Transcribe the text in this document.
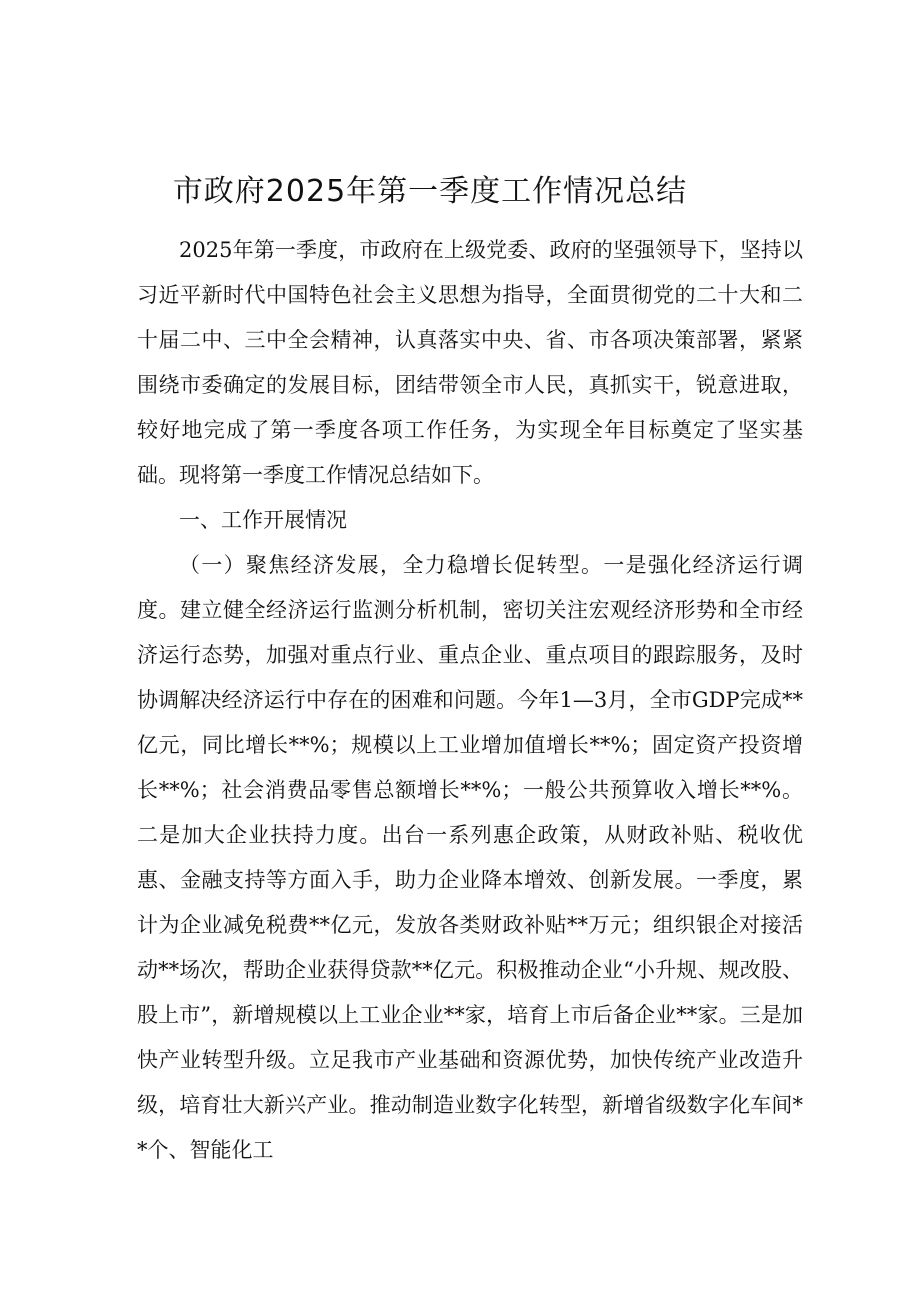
市政府2025年第一季度工作情况总结

2025年第一季度，市政府在上级党委、政府的坚强领导下，坚持以习近平新时代中国特色社会主义思想为指导，全面贯彻党的二十大和二十届二中、三中全会精神，认真落实中央、省、市各项决策部署，紧紧围绕市委确定的发展目标，团结带领全市人民，真抓实干，锐意进取，较好地完成了第一季度各项工作任务，为实现全年目标奠定了坚实基础。现将第一季度工作情况总结如下。

一、工作开展情况

（一）聚焦经济发展，全力稳增长促转型。一是强化经济运行调度。建立健全经济运行监测分析机制，密切关注宏观经济形势和全市经济运行态势，加强对重点行业、重点企业、重点项目的跟踪服务，及时协调解决经济运行中存在的困难和问题。今年1—3月，全市GDP完成**亿元，同比增长**%；规模以上工业增加值增长**%；固定资产投资增长**%；社会消费品零售总额增长**%；一般公共预算收入增长**%。二是加大企业扶持力度。出台一系列惠企政策，从财政补贴、税收优惠、金融支持等方面入手，助力企业降本增效、创新发展。一季度，累计为企业减免税费**亿元，发放各类财政补贴**万元；组织银企对接活动**场次，帮助企业获得贷款**亿元。积极推动企业“小升规、规改股、股上市”，新增规模以上工业企业**家，培育上市后备企业**家。三是加快产业转型升级。立足我市产业基础和资源优势，加快传统产业改造升级，培育壮大新兴产业。推动制造业数字化转型，新增省级数字化车间**个、智能化工
